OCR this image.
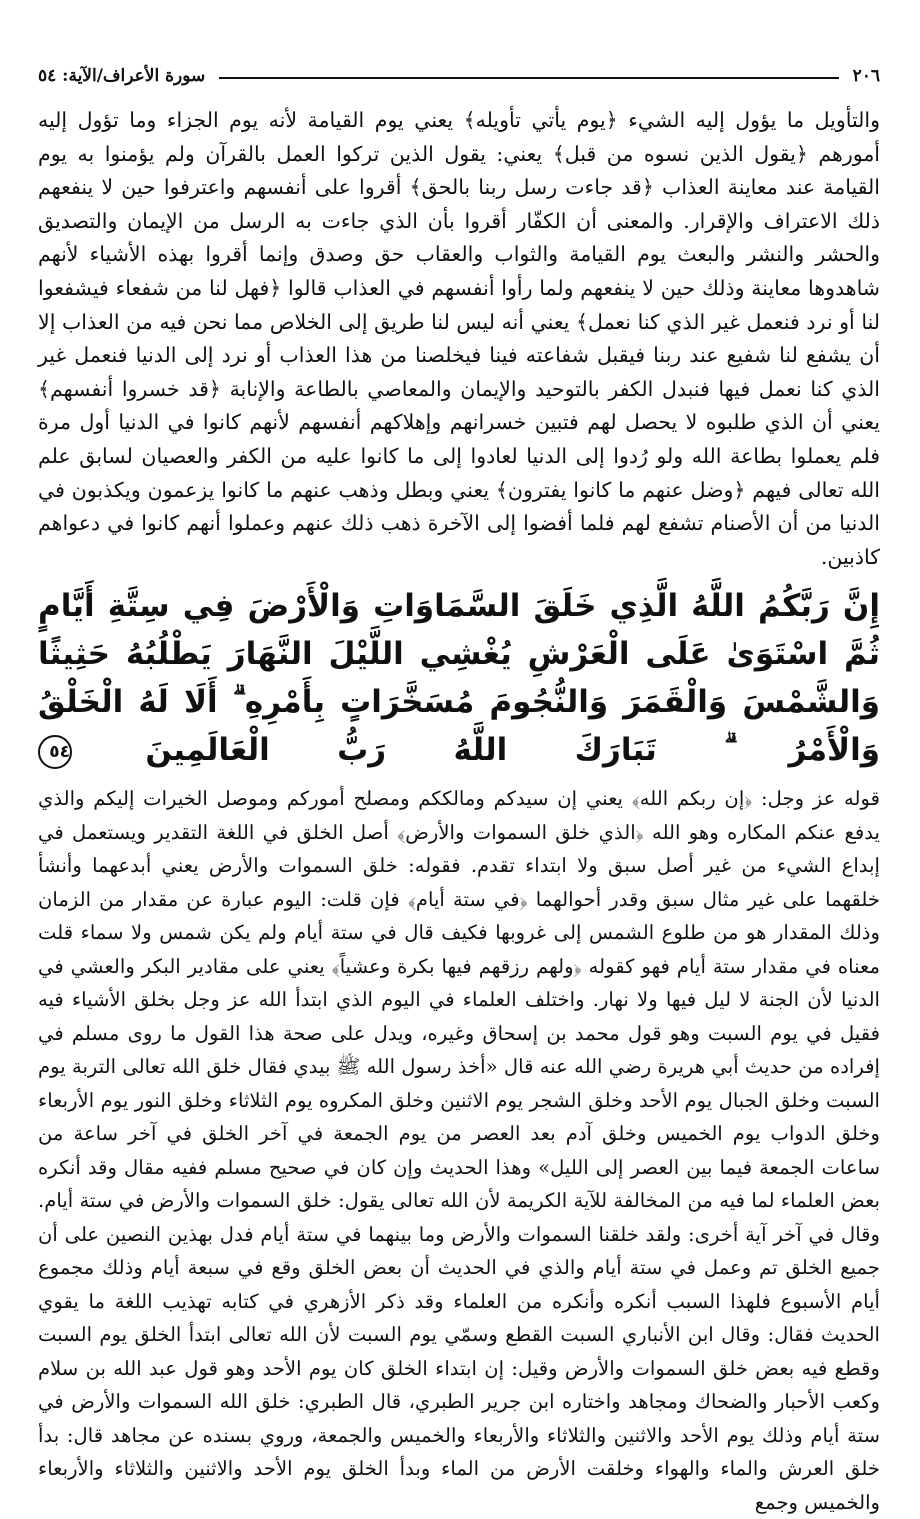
٢٠٦
سورة الأعراف/الآية: ٥٤

والتأويل ما يؤول إليه الشيء ﴿يوم يأتي تأويله﴾ يعني يوم القيامة لأنه يوم الجزاء وما تؤول إليه أمورهم ﴿يقول الذين نسوه من قبل﴾ يعني: يقول الذين تركوا العمل بالقرآن ولم يؤمنوا به يوم القيامة عند معاينة العذاب ﴿قد جاءت رسل ربنا بالحق﴾ أقروا على أنفسهم واعترفوا حين لا ينفعهم ذلك الاعتراف والإقرار. والمعنى أن الكفّار أقروا بأن الذي جاءت به الرسل من الإيمان والتصديق والحشر والنشر والبعث يوم القيامة والثواب والعقاب حق وصدق وإنما أقروا بهذه الأشياء لأنهم شاهدوها معاينة وذلك حين لا ينفعهم ولما رأوا أنفسهم في العذاب قالوا ﴿فهل لنا من شفعاء فيشفعوا لنا أو نرد فنعمل غير الذي كنا نعمل﴾ يعني أنه ليس لنا طريق إلى الخلاص مما نحن فيه من العذاب إلا أن يشفع لنا شفيع عند ربنا فيقبل شفاعته فينا فيخلصنا من هذا العذاب أو نرد إلى الدنيا فنعمل غير الذي كنا نعمل فيها فنبدل الكفر بالتوحيد والإيمان والمعاصي بالطاعة والإنابة ﴿قد خسروا أنفسهم﴾ يعني أن الذي طلبوه لا يحصل لهم فتبين خسرانهم وإهلاكهم أنفسهم لأنهم كانوا في الدنيا أول مرة فلم يعملوا بطاعة الله ولو رُدوا إلى الدنيا لعادوا إلى ما كانوا عليه من الكفر والعصيان لسابق علم الله تعالى فيهم ﴿وضل عنهم ما كانوا يفترون﴾ يعني وبطل وذهب عنهم ما كانوا يزعمون ويكذبون في الدنيا من أن الأصنام تشفع لهم فلما أفضوا إلى الآخرة ذهب ذلك عنهم وعملوا أنهم كانوا في دعواهم كاذبين.

إِنَّ رَبَّكُمُ اللَّهُ الَّذِي خَلَقَ السَّمَاوَاتِ وَالْأَرْضَ فِي سِتَّةِ أَيَّامٍ ثُمَّ اسْتَوَىٰ عَلَى الْعَرْشِ يُغْشِي اللَّيْلَ النَّهَارَ يَطْلُبُهُ حَثِيثًا وَالشَّمْسَ وَالْقَمَرَ وَالنُّجُومَ مُسَخَّرَاتٍ بِأَمْرِهِ ۗ أَلَا لَهُ الْخَلْقُ وَالْأَمْرُ ۗ تَبَارَكَ اللَّهُ رَبُّ الْعَالَمِينَ ٥٤

قوله عز وجل: ﴿إن ربكم الله﴾ يعني إن سيدكم ومالككم ومصلح أموركم وموصل الخيرات إليكم والذي يدفع عنكم المكاره وهو الله ﴿الذي خلق السموات والأرض﴾ أصل الخلق في اللغة التقدير ويستعمل في إبداع الشيء من غير أصل سبق ولا ابتداء تقدم. فقوله: خلق السموات والأرض يعني أبدعهما وأنشأ خلقهما على غير مثال سبق وقدر أحوالهما ﴿في ستة أيام﴾ فإن قلت: اليوم عبارة عن مقدار من الزمان وذلك المقدار هو من طلوع الشمس إلى غروبها فكيف قال في ستة أيام ولم يكن شمس ولا سماء قلت معناه في مقدار ستة أيام فهو كقوله ﴿ولهم رزقهم فيها بكرة وعشياً﴾ يعني على مقادير البكر والعشي في الدنيا لأن الجنة لا ليل فيها ولا نهار. واختلف العلماء في اليوم الذي ابتدأ الله عز وجل بخلق الأشياء فيه فقيل في يوم السبت وهو قول محمد بن إسحاق وغيره، ويدل على صحة هذا القول ما روى مسلم في إفراده من حديث أبي هريرة رضي الله عنه قال «أخذ رسول الله ﷺ بيدي فقال خلق الله تعالى التربة يوم السبت وخلق الجبال يوم الأحد وخلق الشجر يوم الاثنين وخلق المكروه يوم الثلاثاء وخلق النور يوم الأربعاء وخلق الدواب يوم الخميس وخلق آدم بعد العصر من يوم الجمعة في آخر الخلق في آخر ساعة من ساعات الجمعة فيما بين العصر إلى الليل» وهذا الحديث وإن كان في صحيح مسلم ففيه مقال وقد أنكره بعض العلماء لما فيه من المخالفة للآية الكريمة لأن الله تعالى يقول: خلق السموات والأرض في ستة أيام. وقال في آخر آية أخرى: ولقد خلقنا السموات والأرض وما بينهما في ستة أيام فدل بهذين النصين على أن جميع الخلق تم وعمل في ستة أيام والذي في الحديث أن بعض الخلق وقع في سبعة أيام وذلك مجموع أيام الأسبوع فلهذا السبب أنكره وأنكره من العلماء وقد ذكر الأزهري في كتابه تهذيب اللغة ما يقوي الحديث فقال: وقال ابن الأنباري السبت القطع وسمّي يوم السبت لأن الله تعالى ابتدأ الخلق يوم السبت وقطع فيه بعض خلق السموات والأرض وقيل: إن ابتداء الخلق كان يوم الأحد وهو قول عبد الله بن سلام وكعب الأحبار والضحاك ومجاهد واختاره ابن جرير الطبري، قال الطبري: خلق الله السموات والأرض في ستة أيام وذلك يوم الأحد والاثنين والثلاثاء والأربعاء والخميس والجمعة، وروي بسنده عن مجاهد قال: بدأ خلق العرش والماء والهواء وخلقت الأرض من الماء وبدأ الخلق يوم الأحد والاثنين والثلاثاء والأربعاء والخميس وجمع
